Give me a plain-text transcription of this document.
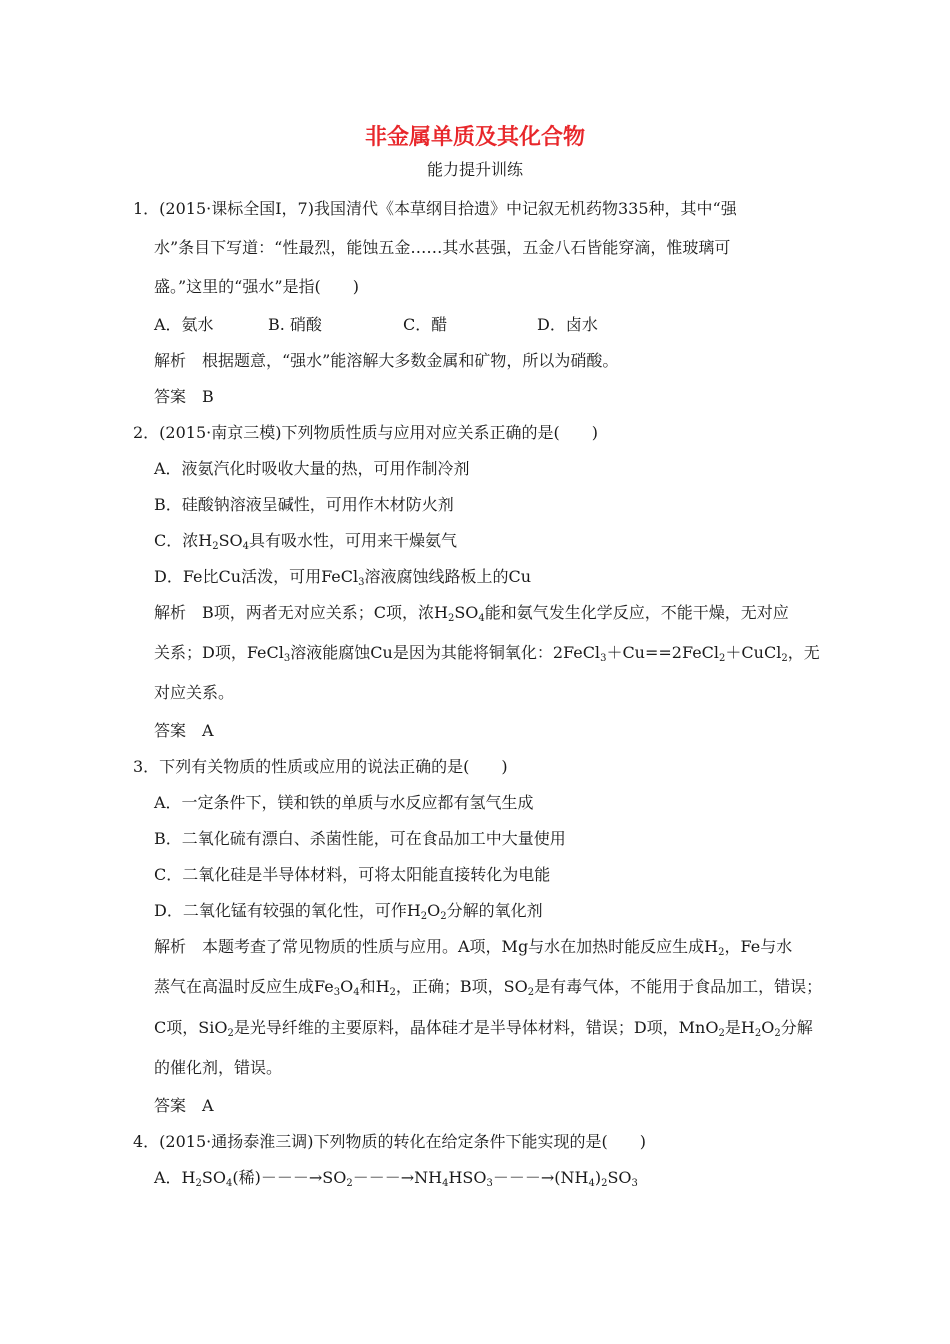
非金属单质及其化合物
能力提升训练
1．(2015·课标全国Ⅰ，7)我国清代《本草纲目拾遗》中记叙无机药物335种，其中“强
水”条目下写道：“性最烈，能蚀五金……其水甚强，五金八石皆能穿滴，惟玻璃可
盛。”这里的“强水”是指(　　)
A．氨水	B. 硝酸	C．醋	D．卤水
解析　根据题意，“强水”能溶解大多数金属和矿物，所以为硝酸。
答案　B
2．(2015·南京三模)下列物质性质与应用对应关系正确的是(　　)
A．液氨汽化时吸收大量的热，可用作制冷剂
B．硅酸钠溶液呈碱性，可用作木材防火剂
C．浓$H_2SO_4$具有吸水性，可用来干燥氨气
D．Fe比Cu活泼，可用FeCl$_3$溶液腐蚀线路板上的Cu
解析　B项，两者无对应关系；C项，浓$H_2SO_4$能和氨气发生化学反应，不能干燥，无对应
关系；D项，FeCl$_3$溶液能腐蚀Cu是因为其能将铜氧化：2FeCl$_3$＋Cu==2FeCl$_2$＋CuCl$_2$，无
对应关系。
答案　A
3．下列有关物质的性质或应用的说法正确的是(　　)
A．一定条件下，镁和铁的单质与水反应都有氢气生成
B．二氧化硫有漂白、杀菌性能，可在食品加工中大量使用
C．二氧化硅是半导体材料，可将太阳能直接转化为电能
D．二氧化锰有较强的氧化性，可作$H_2O_2$分解的氧化剂
解析　本题考查了常见物质的性质与应用。A项，Mg与水在加热时能反应生成$H_2$，Fe与水
蒸气在高温时反应生成$Fe_3O_4$和$H_2$，正确；B项，$SO_2$是有毒气体，不能用于食品加工，错误；
C项，SiO$_2$是光导纤维的主要原料，晶体硅才是半导体材料，错误；D项，MnO$_2$是$H_2O_2$分解
的催化剂，错误。
答案　A
4．(2015·通扬泰淮三调)下列物质的转化在给定条件下能实现的是(　　)
A．$H_2SO_4$(稀)$---\to SO_2---\to NH_4HSO_3---\to(NH_4)_2SO_3$
